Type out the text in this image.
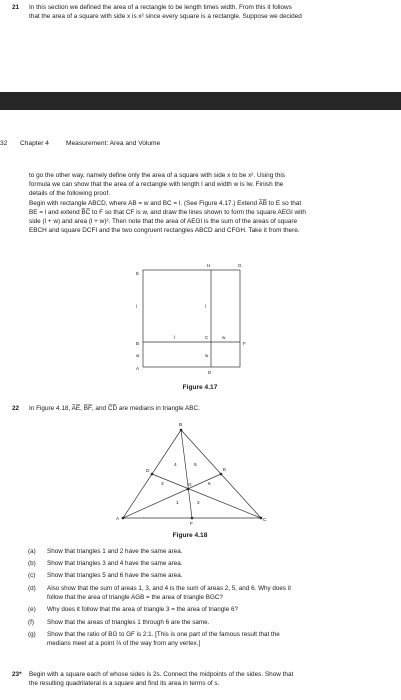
21 In this section we defined the area of a rectangle to be length times width. From this it follows
that the area of a square with side x is x² since every square is a rectangle. Suppose we decided
32 Chapter 4	Measurement: Area and Volume
to go the other way, namely define only the area of a square with side x to be x². Using this
formula we can show that the area of a rectangle with length l and width w is lw. Finish the
details of the following proof.
Begin with rectangle ABCD, where AB = w and BC = l. (See Figure 4.17.) Extend A̅B̅ to E so that
BE = l and extend B̅C̅ to F so that CF is w, and draw the lines shown to form the square AEGI with
side (l + w) and area (l + w)². Then note that the area of AEGI is the sum of the areas of square
EBCH and square DCFI and the two congruent rectangles ABCD and CFGH. Take it from there.
E
H	G
B
C
F
A
D
l	l
l
w	w
w
Figure 4.17
22 In Figure 4.18, A̅E̅, B̅F̅, and C̅D̅ are medians in triangle ABC.
A
B
C
D	E
F
G
1	2
3
4	5
6
Figure 4.18
(a) Show that triangles 1 and 2 have the same area.
(b) Show that triangles 3 and 4 have the same area.
(c) Show that triangles 5 and 6 have the same area.
(d) Also show that the sum of areas 1, 3, and 4 is the sum of areas 2, 5, and 6. Why does it
follow that the area of triangle AGB = the area of triangle BGC?
(e) Why does it follow that the area of triangle 3 = the area of triangle 6?
(f) Show that the areas of triangles 1 through 6 are the same.
(g) Show that the ratio of BG to GF is 2:1. [This is one part of the famous result that the
medians meet at a point ⅔ of the way from any vertex.]
23* Begin with a square each of whose sides is 2s. Connect the midpoints of the sides. Show that
the resulting quadrilateral is a square and find its area in terms of s.
